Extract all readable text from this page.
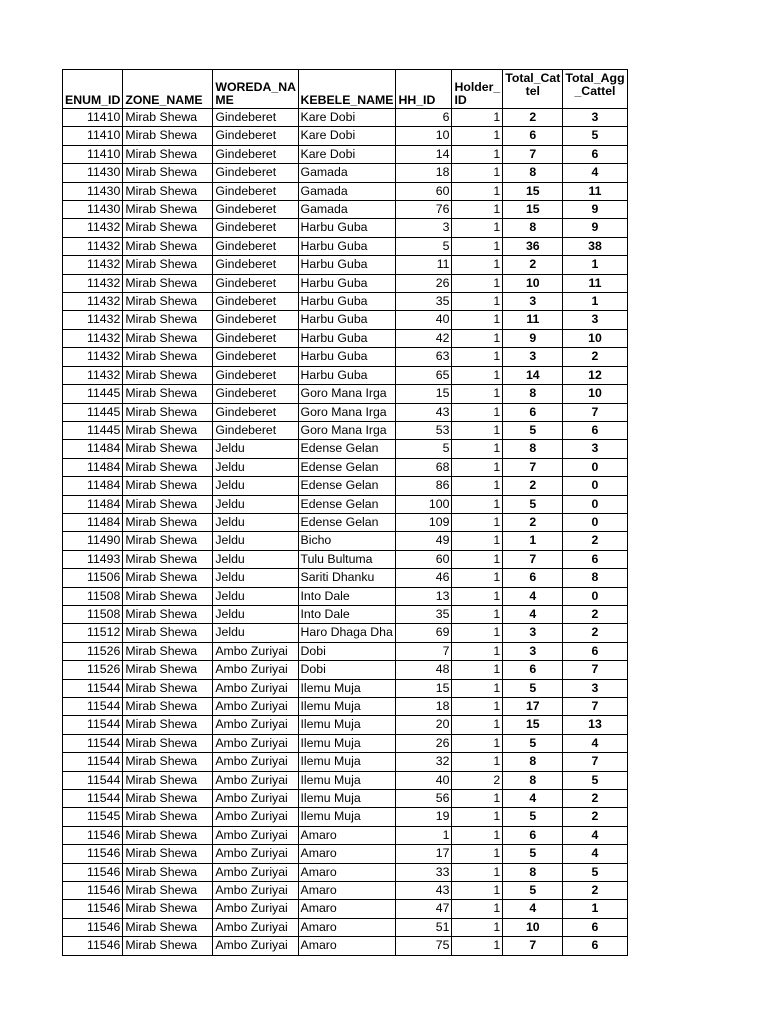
ENUM_ID	ZONE_NAME	WOREDA_NA ME	KEBELE_NAME	HH_ID	Holder_ ID	Total_Cat tel	Total_Agg _Cattel
11410	Mirab Shewa	Gindeberet	Kare Dobi	6	1	2	3
11410	Mirab Shewa	Gindeberet	Kare Dobi	10	1	6	5
11410	Mirab Shewa	Gindeberet	Kare Dobi	14	1	7	6
11430	Mirab Shewa	Gindeberet	Gamada	18	1	8	4
11430	Mirab Shewa	Gindeberet	Gamada	60	1	15	11
11430	Mirab Shewa	Gindeberet	Gamada	76	1	15	9
11432	Mirab Shewa	Gindeberet	Harbu Guba	3	1	8	9
11432	Mirab Shewa	Gindeberet	Harbu Guba	5	1	36	38
11432	Mirab Shewa	Gindeberet	Harbu Guba	11	1	2	1
11432	Mirab Shewa	Gindeberet	Harbu Guba	26	1	10	11
11432	Mirab Shewa	Gindeberet	Harbu Guba	35	1	3	1
11432	Mirab Shewa	Gindeberet	Harbu Guba	40	1	11	3
11432	Mirab Shewa	Gindeberet	Harbu Guba	42	1	9	10
11432	Mirab Shewa	Gindeberet	Harbu Guba	63	1	3	2
11432	Mirab Shewa	Gindeberet	Harbu Guba	65	1	14	12
11445	Mirab Shewa	Gindeberet	Goro Mana Irga	15	1	8	10
11445	Mirab Shewa	Gindeberet	Goro Mana Irga	43	1	6	7
11445	Mirab Shewa	Gindeberet	Goro Mana Irga	53	1	5	6
11484	Mirab Shewa	Jeldu	Edense Gelan	5	1	8	3
11484	Mirab Shewa	Jeldu	Edense Gelan	68	1	7	0
11484	Mirab Shewa	Jeldu	Edense Gelan	86	1	2	0
11484	Mirab Shewa	Jeldu	Edense Gelan	100	1	5	0
11484	Mirab Shewa	Jeldu	Edense Gelan	109	1	2	0
11490	Mirab Shewa	Jeldu	Bicho	49	1	1	2
11493	Mirab Shewa	Jeldu	Tulu Bultuma	60	1	7	6
11506	Mirab Shewa	Jeldu	Sariti Dhanku	46	1	6	8
11508	Mirab Shewa	Jeldu	Into Dale	13	1	4	0
11508	Mirab Shewa	Jeldu	Into Dale	35	1	4	2
11512	Mirab Shewa	Jeldu	Haro Dhaga Dha	69	1	3	2
11526	Mirab Shewa	Ambo Zuriyai	Dobi	7	1	3	6
11526	Mirab Shewa	Ambo Zuriyai	Dobi	48	1	6	7
11544	Mirab Shewa	Ambo Zuriyai	Ilemu Muja	15	1	5	3
11544	Mirab Shewa	Ambo Zuriyai	Ilemu Muja	18	1	17	7
11544	Mirab Shewa	Ambo Zuriyai	Ilemu Muja	20	1	15	13
11544	Mirab Shewa	Ambo Zuriyai	Ilemu Muja	26	1	5	4
11544	Mirab Shewa	Ambo Zuriyai	Ilemu Muja	32	1	8	7
11544	Mirab Shewa	Ambo Zuriyai	Ilemu Muja	40	2	8	5
11544	Mirab Shewa	Ambo Zuriyai	Ilemu Muja	56	1	4	2
11545	Mirab Shewa	Ambo Zuriyai	Ilemu Muja	19	1	5	2
11546	Mirab Shewa	Ambo Zuriyai	Amaro	1	1	6	4
11546	Mirab Shewa	Ambo Zuriyai	Amaro	17	1	5	4
11546	Mirab Shewa	Ambo Zuriyai	Amaro	33	1	8	5
11546	Mirab Shewa	Ambo Zuriyai	Amaro	43	1	5	2
11546	Mirab Shewa	Ambo Zuriyai	Amaro	47	1	4	1
11546	Mirab Shewa	Ambo Zuriyai	Amaro	51	1	10	6
11546	Mirab Shewa	Ambo Zuriyai	Amaro	75	1	7	6
